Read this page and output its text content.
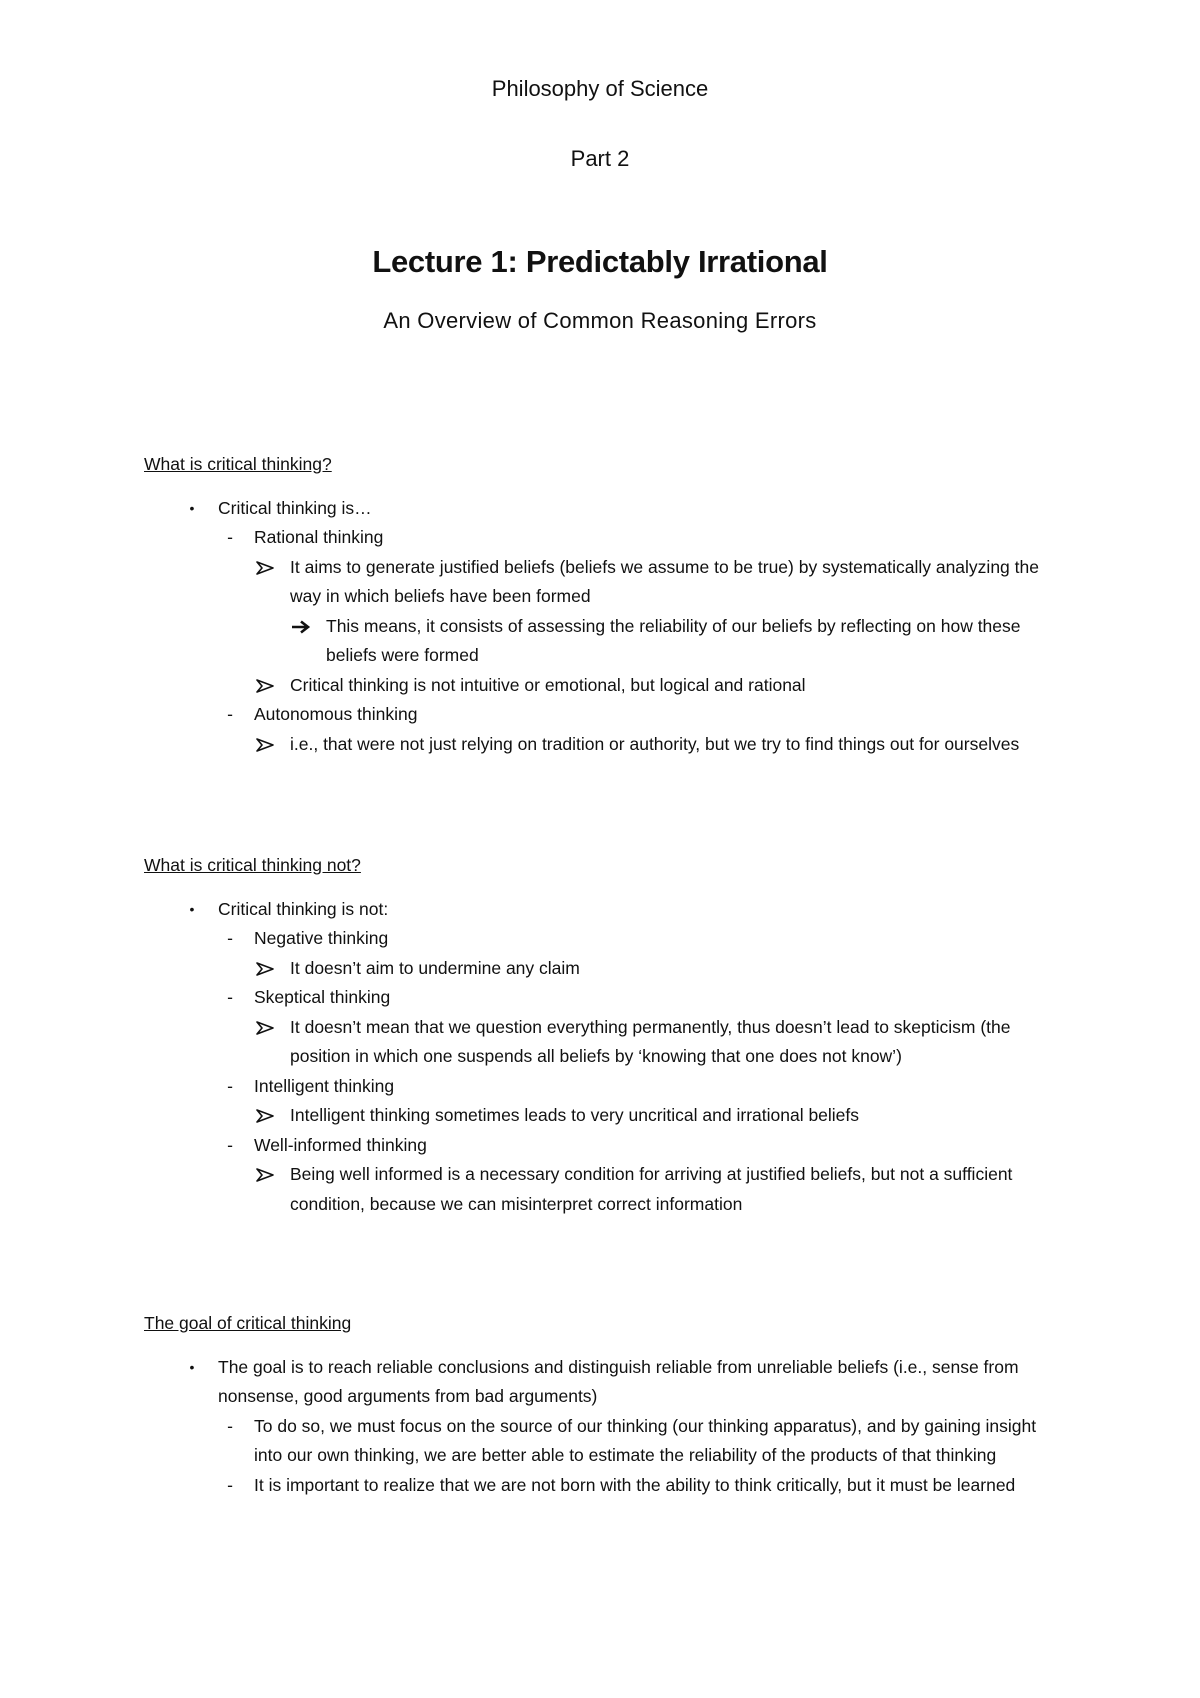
Philosophy of Science
Part 2
Lecture 1: Predictably Irrational
An Overview of Common Reasoning Errors

What is critical thinking?

•	Critical thinking is…
-	Rational thinking
It aims to generate justified beliefs (beliefs we assume to be true) by systematically analyzing the way in which beliefs have been formed
This means, it consists of assessing the reliability of our beliefs by reflecting on how these beliefs were formed
Critical thinking is not intuitive or emotional, but logical and rational
-	Autonomous thinking
i.e., that were not just relying on tradition or authority, but we try to find things out for ourselves

What is critical thinking not?

•	Critical thinking is not:
-	Negative thinking
It doesn’t aim to undermine any claim
-	Skeptical thinking
It doesn’t mean that we question everything permanently, thus doesn’t lead to skepticism (the position in which one suspends all beliefs by ‘knowing that one does not know’)
-	Intelligent thinking
Intelligent thinking sometimes leads to very uncritical and irrational beliefs
-	Well-informed thinking
Being well informed is a necessary condition for arriving at justified beliefs, but not a sufficient condition, because we can misinterpret correct information

The goal of critical thinking

•	The goal is to reach reliable conclusions and distinguish reliable from unreliable beliefs (i.e., sense from nonsense, good arguments from bad arguments)
-	To do so, we must focus on the source of our thinking (our thinking apparatus), and by gaining insight into our own thinking, we are better able to estimate the reliability of the products of that thinking
-	It is important to realize that we are not born with the ability to think critically, but it must be learned
